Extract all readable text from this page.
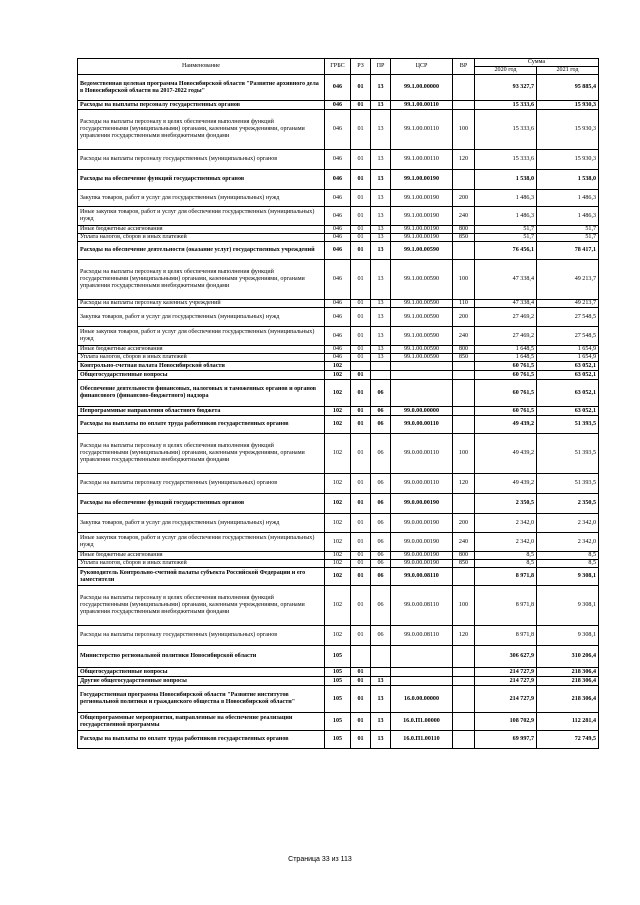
Наименование	ГРБС	РЗ	ПР	ЦСР	ВР	Сумма	
						2020 год	2021 год
Ведомственная целевая программа Новосибирской области "Развитие архивного дела в Новосибирской области на 2017-2022 годы"	046	01	13	99.1.00.00000		93 327,7	95 885,4
Расходы на выплаты персоналу государственных органов	046	01	13	99.1.00.00110		15 333,6	15 930,3
Расходы на выплаты персоналу в целях обеспечения выполнения функций государственными (муниципальными) органами, казенными учреждениями, органами управления государственными внебюджетными фондами	046	01	13	99.1.00.00110	100	15 333,6	15 930,3
Расходы на выплаты персоналу государственных (муниципальных) органов	046	01	13	99.1.00.00110	120	15 333,6	15 930,3
Расходы на обеспечение функций государственных органов	046	01	13	99.1.00.00190		1 538,0	1 538,0
Закупка товаров, работ и услуг для государственных (муниципальных) нужд	046	01	13	99.1.00.00190	200	1 486,3	1 486,3
Иные закупки товаров, работ и услуг для обеспечения государственных (муниципальных) нужд	046	01	13	99.1.00.00190	240	1 486,3	1 486,3
Иные бюджетные ассигнования	046	01	13	99.1.00.00190	800	51,7	51,7
Уплата налогов, сборов и иных платежей	046	01	13	99.1.00.00190	850	51,7	51,7
Расходы на обеспечение деятельности (оказание услуг) государственных учреждений	046	01	13	99.1.00.00590		76 456,1	78 417,1
Расходы на выплаты персоналу в целях обеспечения выполнения функций государственными (муниципальными) органами, казенными учреждениями, органами управления государственными внебюджетными фондами	046	01	13	99.1.00.00590	100	47 338,4	49 213,7
Расходы на выплаты персоналу казенных учреждений	046	01	13	99.1.00.00590	110	47 338,4	49 213,7
Закупка товаров, работ и услуг для государственных (муниципальных) нужд	046	01	13	99.1.00.00590	200	27 469,2	27 548,5
Иные закупки товаров, работ и услуг для обеспечения государственных (муниципальных) нужд	046	01	13	99.1.00.00590	240	27 469,2	27 548,5
Иные бюджетные ассигнования	046	01	13	99.1.00.00590	800	1 648,5	1 654,9
Уплата налогов, сборов и иных платежей	046	01	13	99.1.00.00590	850	1 648,5	1 654,9
Контрольно-счетная палата Новосибирской области	102					60 761,5	63 052,1
Общегосударственные вопросы	102	01				60 761,5	63 052,1
Обеспечение деятельности финансовых, налоговых и таможенных органов и органов финансового (финансово-бюджетного) надзора	102	01	06			60 761,5	63 052,1
Непрограммные направления областного бюджета	102	01	06	99.0.00.00000		60 761,5	63 052,1
Расходы на выплаты по оплате труда работников государственных органов	102	01	06	99.0.00.00110		49 439,2	51 393,5
Расходы на выплаты персоналу в целях обеспечения выполнения функций государственными (муниципальными) органами, казенными учреждениями, органами управления государственными внебюджетными фондами	102	01	06	99.0.00.00110	100	49 439,2	51 393,5
Расходы на выплаты персоналу государственных (муниципальных) органов	102	01	06	99.0.00.00110	120	49 439,2	51 393,5
Расходы на обеспечение функций государственных органов	102	01	06	99.0.00.00190		2 350,5	2 350,5
Закупка товаров, работ и услуг для государственных (муниципальных) нужд	102	01	06	99.0.00.00190	200	2 342,0	2 342,0
Иные закупки товаров, работ и услуг для обеспечения государственных (муниципальных) нужд	102	01	06	99.0.00.00190	240	2 342,0	2 342,0
Иные бюджетные ассигнования	102	01	06	99.0.00.00190	800	8,5	8,5
Уплата налогов, сборов и иных платежей	102	01	06	99.0.00.00190	850	8,5	8,5
Руководитель Контрольно-счетной палаты субъекта Российской Федерации и его заместители	102	01	06	99.0.00.08110		8 971,8	9 308,1
Расходы на выплаты персоналу в целях обеспечения выполнения функций государственными (муниципальными) органами, казенными учреждениями, органами управления государственными внебюджетными фондами	102	01	06	99.0.00.08110	100	8 971,8	9 308,1
Расходы на выплаты персоналу государственных (муниципальных) органов	102	01	06	99.0.00.08110	120	8 971,8	9 308,1
Министерство региональной политики Новосибирской области	105					306 627,9	310 206,4
Общегосударственные вопросы	105	01				214 727,9	218 306,4
Другие общегосударственные вопросы	105	01	13			214 727,9	218 306,4
Государственная программа Новосибирской области "Развитие институтов региональной политики и гражданского общества в Новосибирской области"	105	01	13	16.0.00.00000		214 727,9	218 306,4
Общепрограммные мероприятия, направленные на обеспечение реализации государственной программы	105	01	13	16.0.П1.00000		108 702,9	112 281,4
Расходы на выплаты по оплате труда работников государственных органов	105	01	13	16.0.П1.00110		69 997,7	72 749,5
Страница 33 из 113
